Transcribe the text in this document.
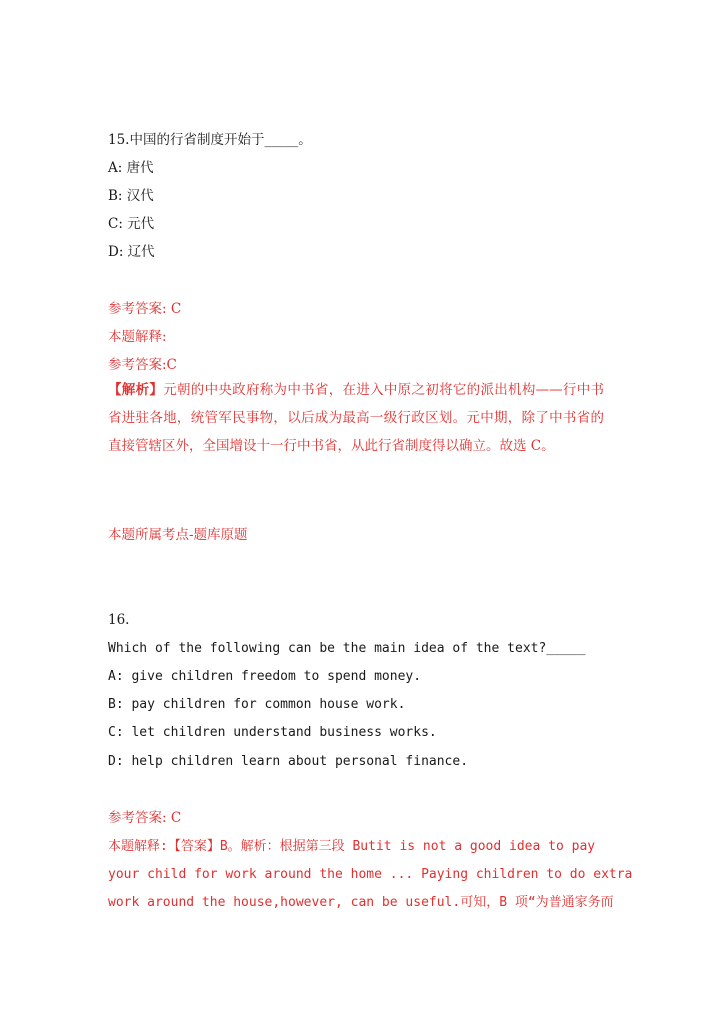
15.中国的行省制度开始于_____。
A: 唐代
B: 汉代
C: 元代
D: 辽代
参考答案: C
本题解释:
参考答案:C
【解析】元朝的中央政府称为中书省，在进入中原之初将它的派出机构——行中书省进驻各地，统管军民事物，以后成为最高一级行政区划。元中期，除了中书省的直接管辖区外，全国增设十一行中书省，从此行省制度得以确立。故选 C。
本题所属考点-题库原题
16.
Which of the following can be the main idea of the text?_____
A: give children freedom to spend money.
B: pay children for common house work.
C: let children understand business works.
D: help children learn about personal finance.
参考答案: C
本题解释:【答案】B。解析：根据第三段 Butit is not a good idea to pay
your child for work around the home ... Paying children to do extra
work around the house,however, can be useful.可知，B 项“为普通家务而
